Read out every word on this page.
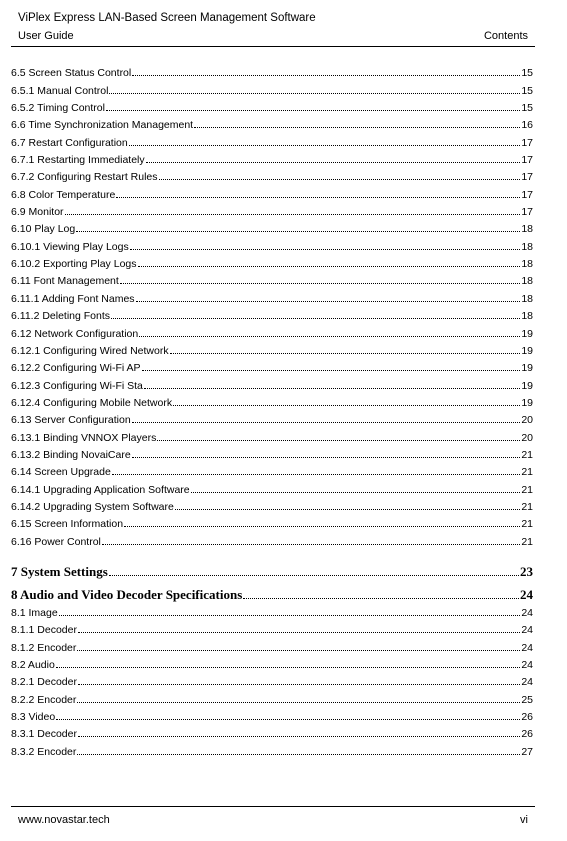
ViPlex Express LAN-Based Screen Management Software
User Guide	Contents
6.5 Screen Status Control	15
6.5.1 Manual Control	15
6.5.2 Timing Control	15
6.6 Time Synchronization Management	16
6.7 Restart Configuration	17
6.7.1 Restarting Immediately	17
6.7.2 Configuring Restart Rules	17
6.8 Color Temperature	17
6.9 Monitor	17
6.10 Play Log	18
6.10.1 Viewing Play Logs	18
6.10.2 Exporting Play Logs	18
6.11 Font Management	18
6.11.1 Adding Font Names	18
6.11.2 Deleting Fonts	18
6.12 Network Configuration	19
6.12.1 Configuring Wired Network	19
6.12.2 Configuring Wi-Fi AP	19
6.12.3 Configuring Wi-Fi Sta	19
6.12.4 Configuring Mobile Network	19
6.13 Server Configuration	20
6.13.1 Binding VNNOX Players	20
6.13.2 Binding NovaiCare	21
6.14 Screen Upgrade	21
6.14.1 Upgrading Application Software	21
6.14.2 Upgrading System Software	21
6.15 Screen Information	21
6.16 Power Control	21
7 System Settings	23
8 Audio and Video Decoder Specifications	24
8.1 Image	24
8.1.1 Decoder	24
8.1.2 Encoder	24
8.2 Audio	24
8.2.1 Decoder	24
8.2.2 Encoder	25
8.3 Video	26
8.3.1 Decoder	26
8.3.2 Encoder	27
www.novastar.tech	vi
